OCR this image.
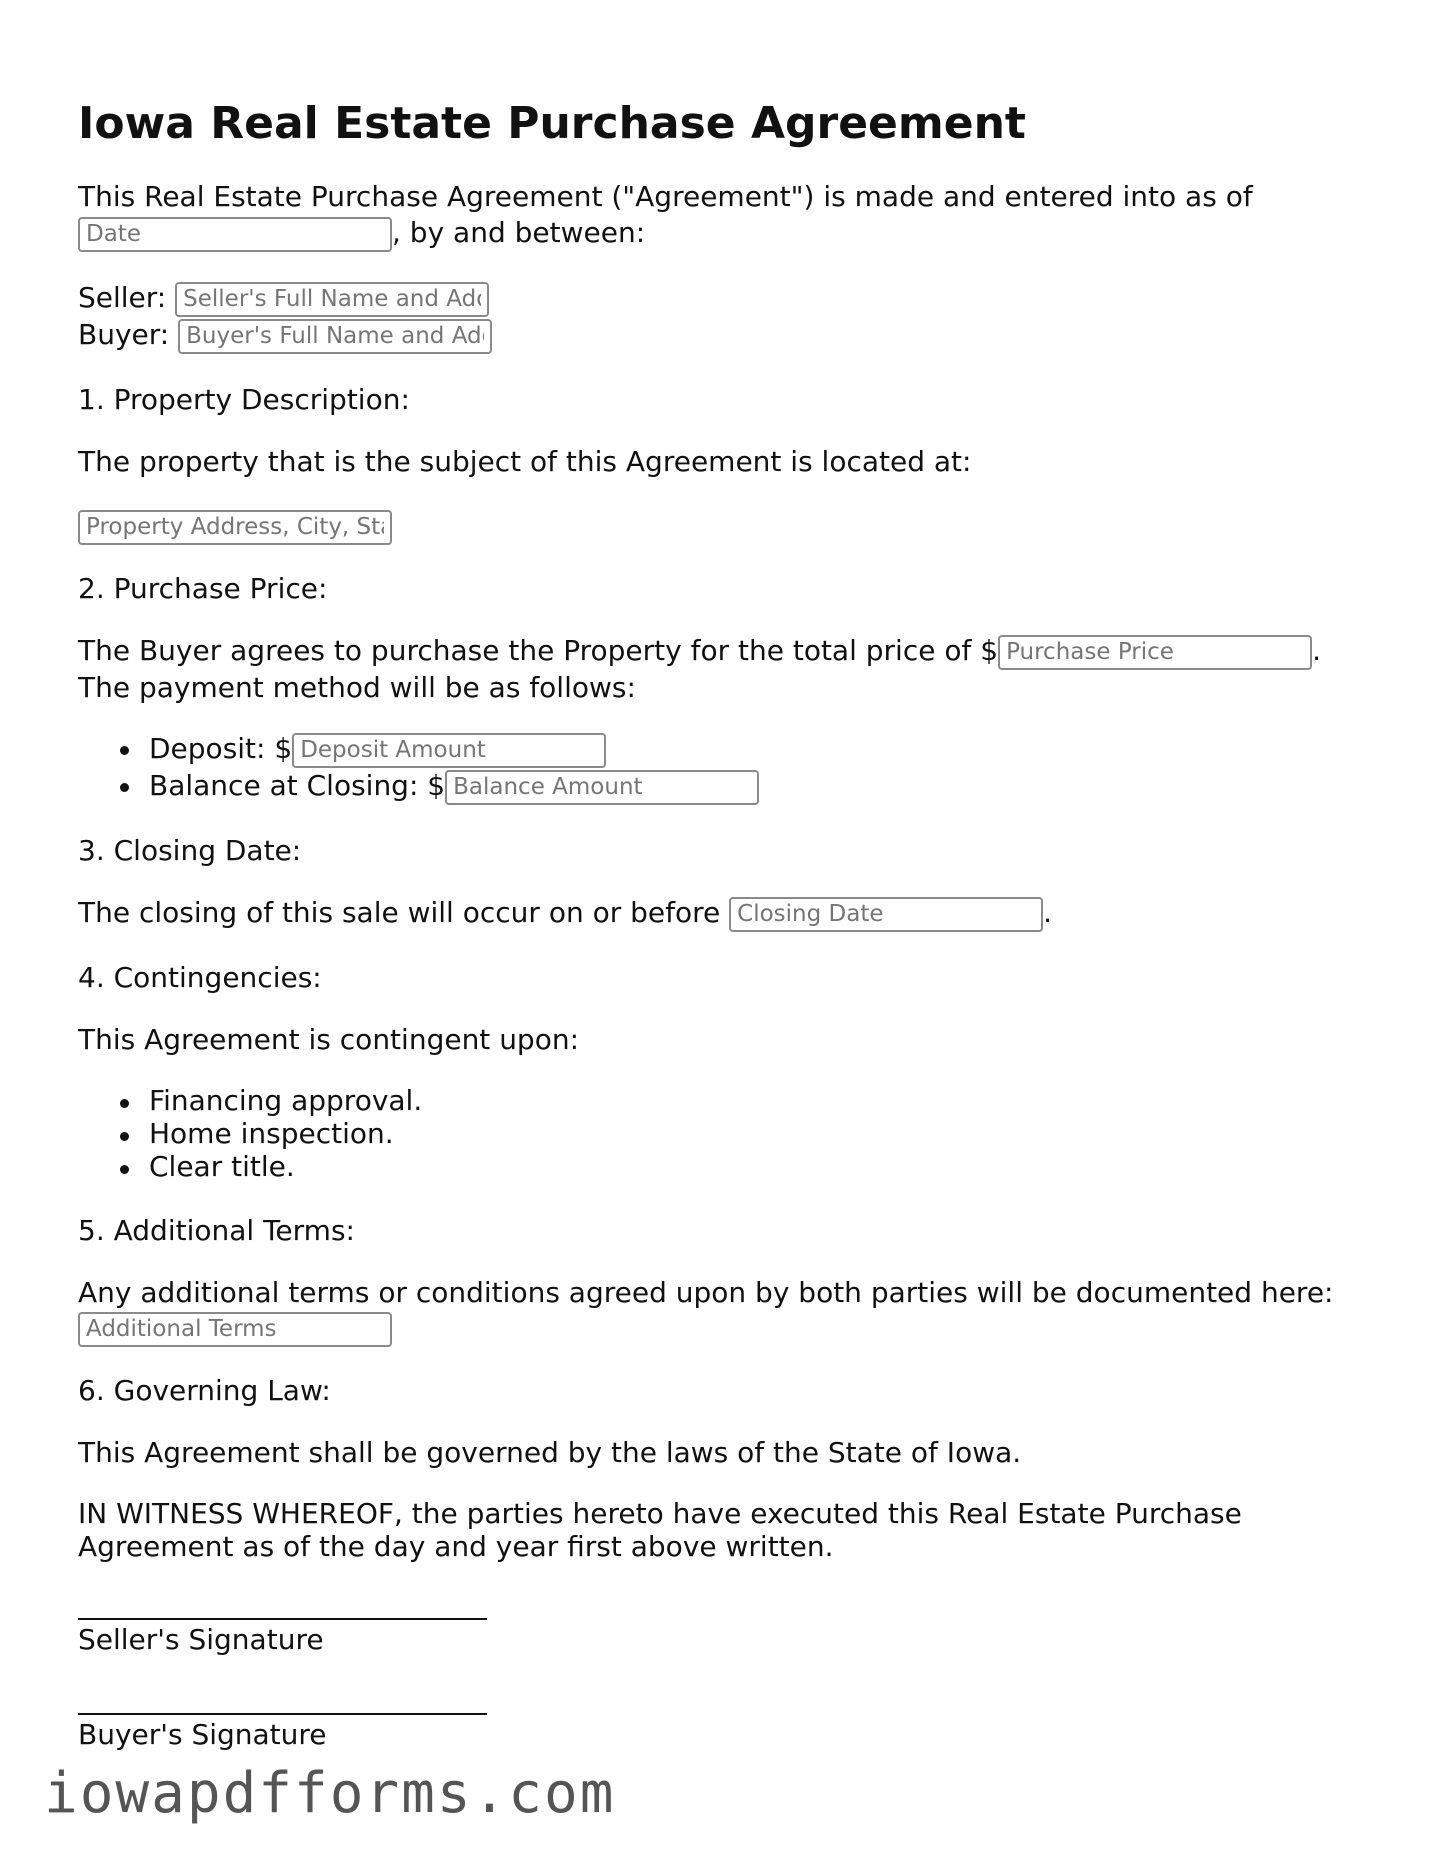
Iowa Real Estate Purchase Agreement
This Real Estate Purchase Agreement ("Agreement") is made and entered into as of
Date, by and between:
Seller: Seller's Full Name and Address
Buyer: Buyer's Full Name and Address
1. Property Description:
The property that is the subject of this Agreement is located at:
Property Address, City, State, ZIP
2. Purchase Price:
The Buyer agrees to purchase the Property for the total price of $Purchase Price	.
The payment method will be as follows:
Deposit: $Deposit Amount
Balance at Closing: $Balance Amount
3. Closing Date:
The closing of this sale will occur on or before Closing Date	.
4. Contingencies:
This Agreement is contingent upon:
Financing approval.
Home inspection.
Clear title.
5. Additional Terms:
Any additional terms or conditions agreed upon by both parties will be documented here:
Additional Terms
6. Governing Law:
This Agreement shall be governed by the laws of the State of Iowa.
IN WITNESS WHEREOF, the parties hereto have executed this Real Estate Purchase
Agreement as of the day and year first above written.
Seller's Signature
Buyer's Signature
iowapdfforms.com
